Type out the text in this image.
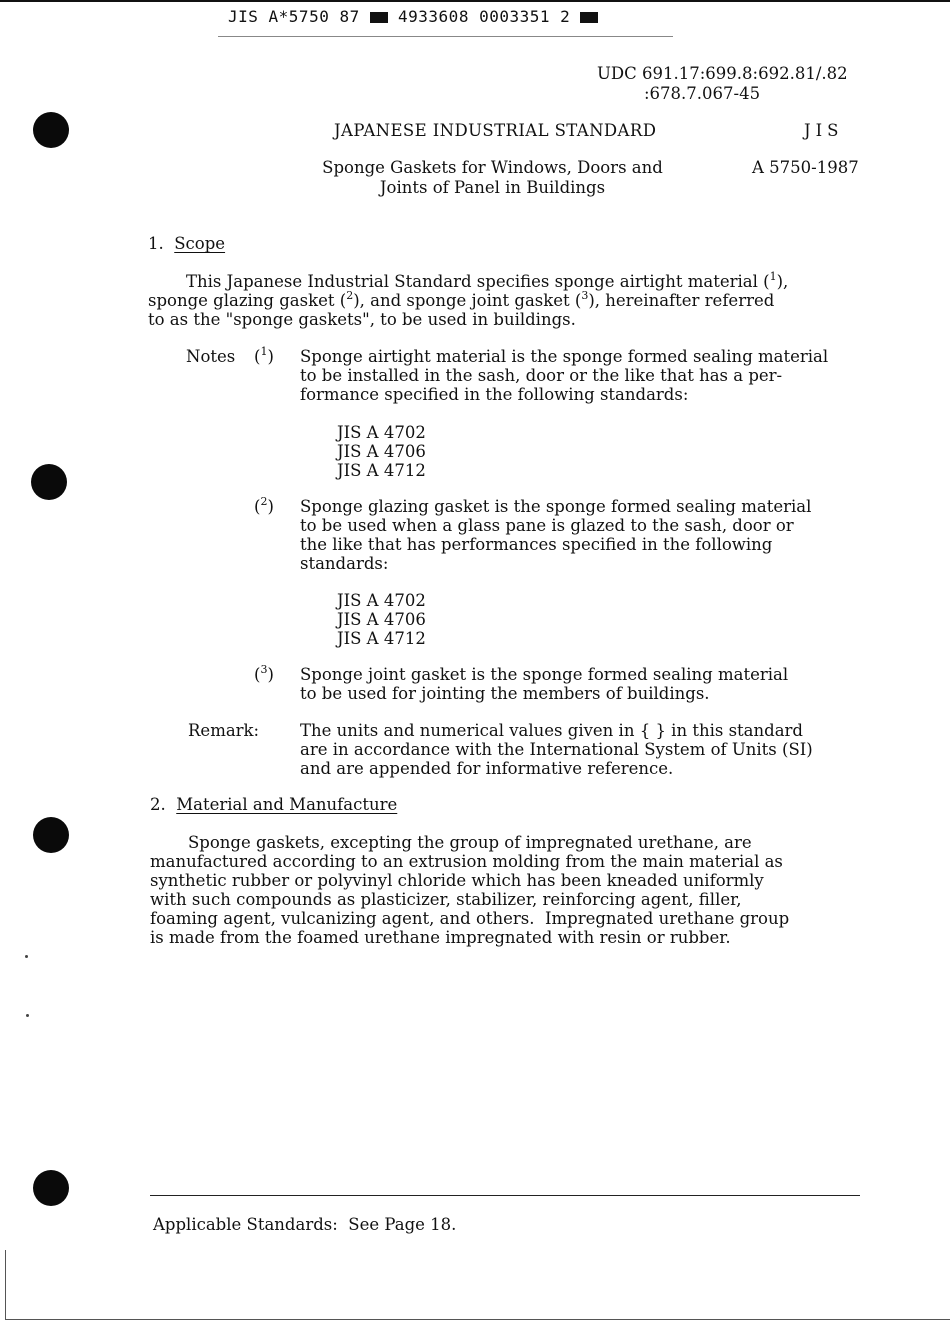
JIS A*5750 87 4933608 0003351 2
UDC 691.17:699.8:692.81/.82
:678.7.067-45
JAPANESE INDUSTRIAL STANDARD	JIS
Sponge Gaskets for Windows, Doors and
Joints of Panel in Buildings
A 5750-1987
1. Scope
This Japanese Industrial Standard specifies sponge airtight material ($^1$),
sponge glazing gasket ($^2$), and sponge joint gasket ($^3$), hereinafter referred
to as the "sponge gaskets", to be used in buildings.
Notes ($^1$) Sponge airtight material is the sponge formed sealing material
to be installed in the sash, door or the like that has a per-
formance specified in the following standards:
JIS A 4702
JIS A 4706
JIS A 4712
($^2$) Sponge glazing gasket is the sponge formed sealing material
to be used when a glass pane is glazed to the sash, door or
the like that has performances specified in the following
standards:
JIS A 4702
JIS A 4706
JIS A 4712
($^3$) Sponge joint gasket is the sponge formed sealing material
to be used for jointing the members of buildings.
Remark: The units and numerical values given in { } in this standard
are in accordance with the International System of Units (SI)
and are appended for informative reference.
2. Material and Manufacture
Sponge gaskets, excepting the group of impregnated urethane, are
manufactured according to an extrusion molding from the main material as
synthetic rubber or polyvinyl chloride which has been kneaded uniformly
with such compounds as plasticizer, stabilizer, reinforcing agent, filler,
foaming agent, vulcanizing agent, and others.  Impregnated urethane group
is made from the foamed urethane impregnated with resin or rubber.
Applicable Standards: See Page 18.
